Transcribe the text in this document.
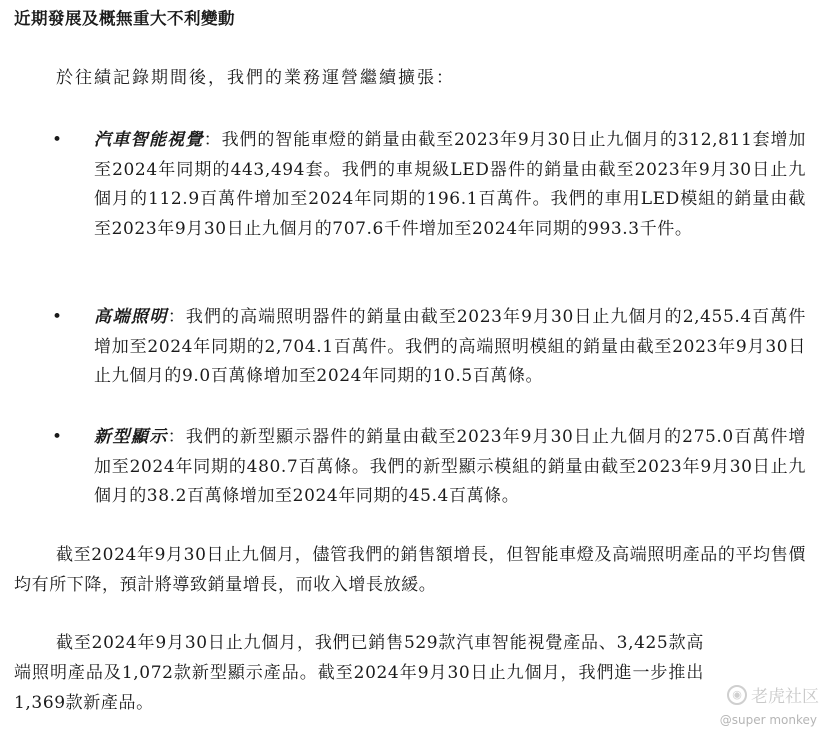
近期發展及概無重大不利變動
於往績記錄期間後，我們的業務運營繼續擴張：
• 汽車智能視覺：我們的智能車燈的銷量由截至2023年9月30日止九個月的312,811套增加至2024年同期的443,494套。我們的車規級LED器件的銷量由截至2023年9月30日止九個月的112.9百萬件增加至2024年同期的196.1百萬件。我們的車用LED模組的銷量由截至2023年9月30日止九個月的707.6千件增加至2024年同期的993.3千件。
• 高端照明：我們的高端照明器件的銷量由截至2023年9月30日止九個月的2,455.4百萬件增加至2024年同期的2,704.1百萬件。我們的高端照明模組的銷量由截至2023年9月30日止九個月的9.0百萬條增加至2024年同期的10.5百萬條。
• 新型顯示：我們的新型顯示器件的銷量由截至2023年9月30日止九個月的275.0百萬件增加至2024年同期的480.7百萬條。我們的新型顯示模組的銷量由截至2023年9月30日止九個月的38.2百萬條增加至2024年同期的45.4百萬條。
截至2024年9月30日止九個月，儘管我們的銷售額增長，但智能車燈及高端照明產品的平均售價均有所下降，預計將導致銷量增長，而收入增長放緩。
截至2024年9月30日止九個月，我們已銷售529款汽車智能視覺產品、3,425款高端照明產品及1,072款新型顯示產品。截至2024年9月30日止九個月，我們進一步推出1,369款新產品。	◉ 老虎社区
@super monkey
